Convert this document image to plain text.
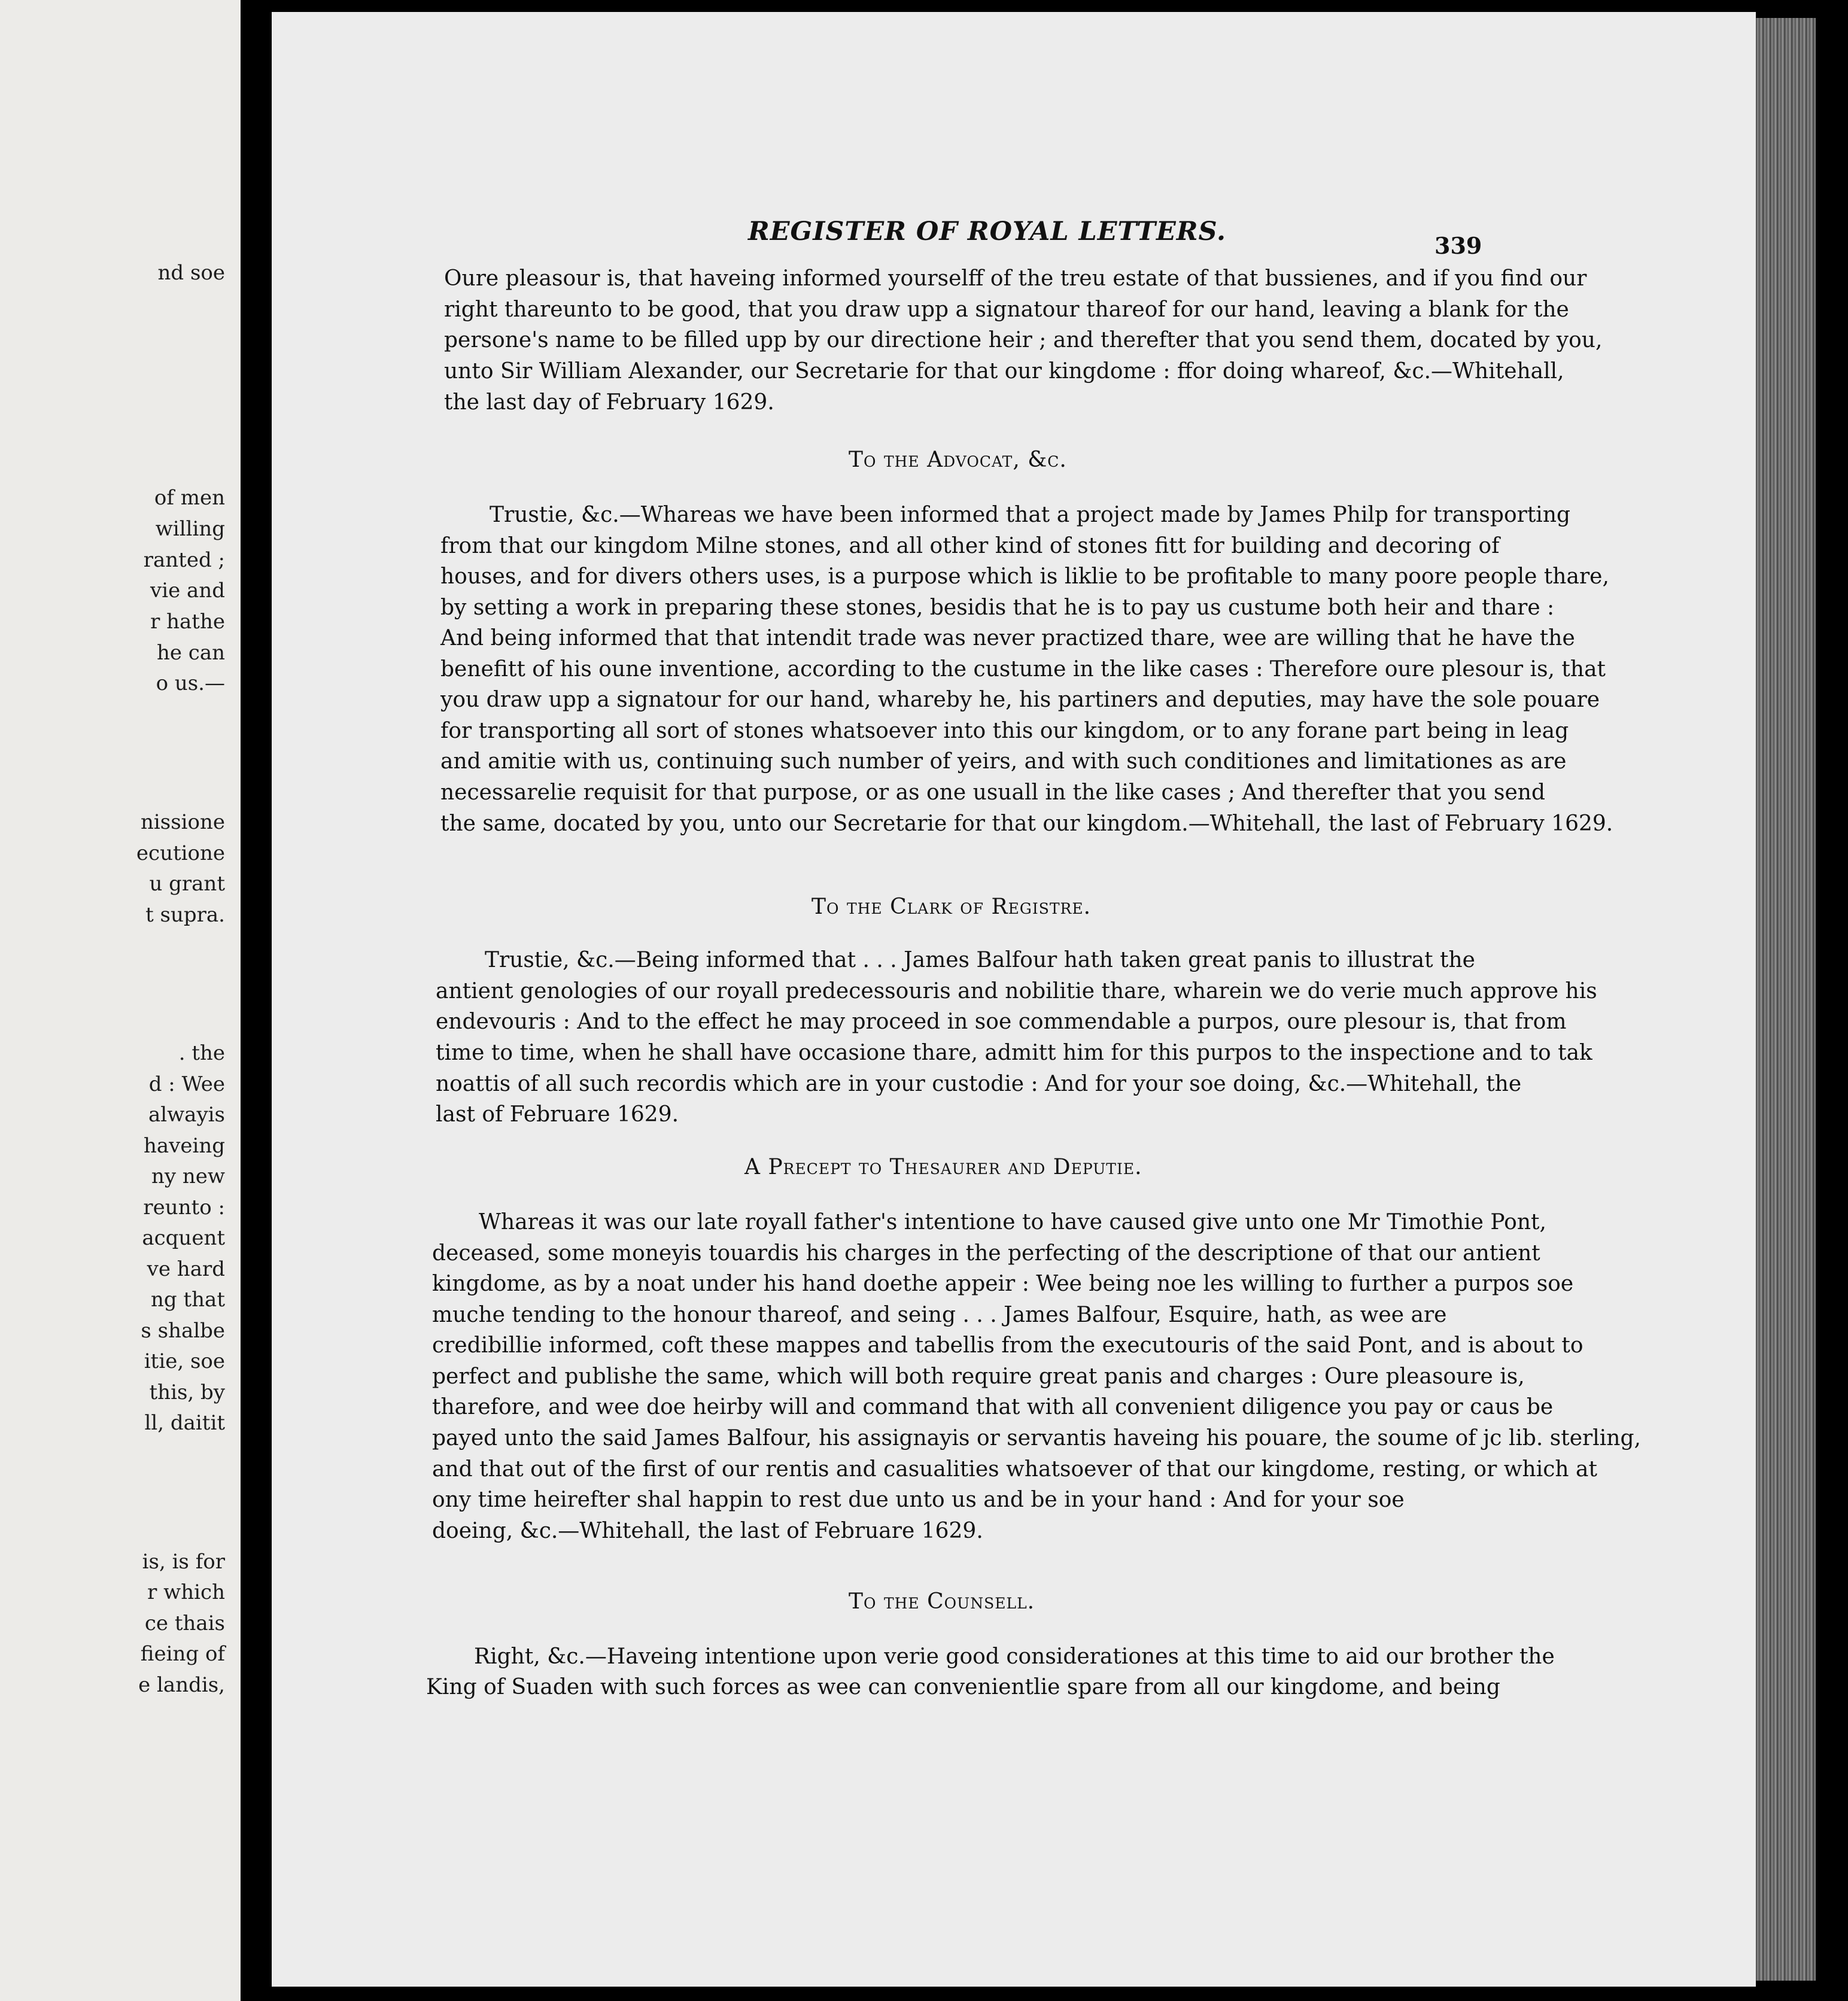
nd soe
of men
willing
ranted ;
vie and
r hathe
he can
o us.—
nissione
ecutione
u grant
t supra.
. the
d : Wee
alwayis
haveing
ny new
reunto :
acquent
ve hard
ng that
s shalbe
itie, soe
this, by
ll, daitit
is, is for
r which
ce thais
fieing of
e landis,
REGISTER OF ROYAL LETTERS.	339
Oure pleasour is, that haveing informed yourselff of the treu estate of that bussienes, and if you find our
right thareunto to be good, that you draw upp a signatour thareof for our hand, leaving a blank for the
persone's name to be filled upp by our directione heir ; and therefter that you send them, docated by you,
unto Sir William Alexander, our Secretarie for that our kingdome : ffor doing whareof, &c.—Whitehall,
the last day of February 1629.
To the Advocat, &c.
Trustie, &c.—Whareas we have been informed that a project made by James Philp for transporting
from that our kingdom Milne stones, and all other kind of stones fitt for building and decoring of
houses, and for divers others uses, is a purpose which is liklie to be profitable to many poore people thare,
by setting a work in preparing these stones, besidis that he is to pay us custume both heir and thare :
And being informed that that intendit trade was never practized thare, wee are willing that he have the
benefitt of his oune inventione, according to the custume in the like cases : Therefore oure plesour is, that
you draw upp a signatour for our hand, whareby he, his partiners and deputies, may have the sole pouare
for transporting all sort of stones whatsoever into this our kingdom, or to any forane part being in leag
and amitie with us, continuing such number of yeirs, and with such conditiones and limitationes as are
necessarelie requisit for that purpose, or as one usuall in the like cases ; And therefter that you send
the same, docated by you, unto our Secretarie for that our kingdom.—Whitehall, the last of February 1629.
To the Clark of Registre.
Trustie, &c.—Being informed that . . . James Balfour hath taken great panis to illustrat the
antient genologies of our royall predecessouris and nobilitie thare, wharein we do verie much approve his
endevouris : And to the effect he may proceed in soe commendable a purpos, oure plesour is, that from
time to time, when he shall have occasione thare, admitt him for this purpos to the inspectione and to tak
noattis of all such recordis which are in your custodie : And for your soe doing, &c.—Whitehall, the
last of Februare 1629.
A Precept to Thesaurer and Deputie.
Whareas it was our late royall father's intentione to have caused give unto one Mr Timothie Pont,
deceased, some moneyis touardis his charges in the perfecting of the descriptione of that our antient
kingdome, as by a noat under his hand doethe appeir : Wee being noe les willing to further a purpos soe
muche tending to the honour thareof, and seing . . . James Balfour, Esquire, hath, as wee are
credibillie informed, coft these mappes and tabellis from the executouris of the said Pont, and is about to
perfect and publishe the same, which will both require great panis and charges : Oure pleasoure is,
tharefore, and wee doe heirby will and command that with all convenient diligence you pay or caus be
payed unto the said James Balfour, his assignayis or servantis haveing his pouare, the soume of jc lib. sterling,
and that out of the first of our rentis and casualities whatsoever of that our kingdome, resting, or which at
ony time heirefter shal happin to rest due unto us and be in your hand : And for your soe
doeing, &c.—Whitehall, the last of Februare 1629.
To the Counsell.
Right, &c.—Haveing intentione upon verie good considerationes at this time to aid our brother the
King of Suaden with such forces as wee can convenientlie spare from all our kingdome, and being
